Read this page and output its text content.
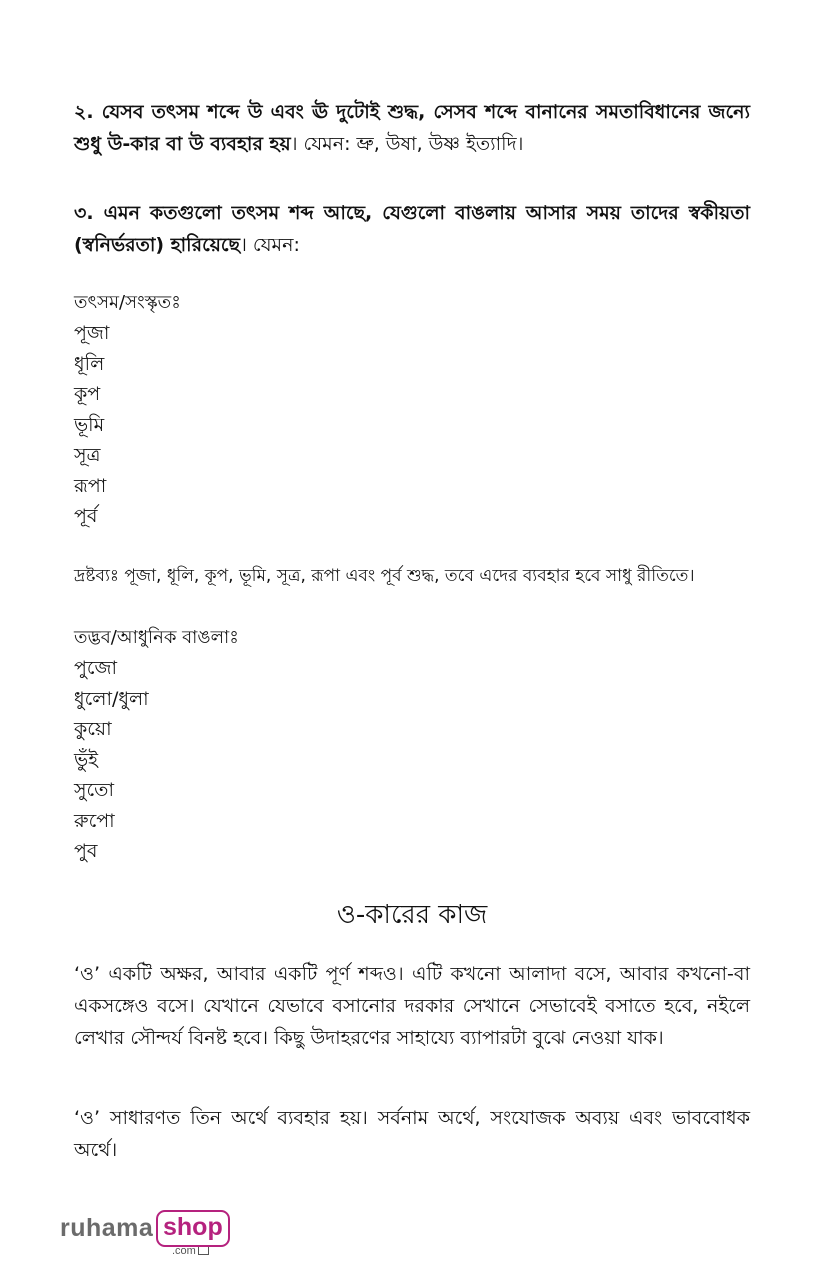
২. যেসব তৎসম শব্দে উ এবং ঊ দুটোই শুদ্ধ, সেসব শব্দে বানানের সমতাবিধানের জন্যে শুধু উ-কার বা উ ব্যবহার হয়। যেমন: ভ্রু, উষা, উষ্ণ ইত্যাদি।

৩. এমন কতগুলো তৎসম শব্দ আছে, যেগুলো বাঙলায় আসার সময় তাদের স্বকীয়তা (স্বনির্ভরতা) হারিয়েছে। যেমন:

তৎসম/সংস্কৃতঃ
পূজা
ধূলি
কূপ
ভূমি
সূত্র
রূপা
পূর্ব
দ্রষ্টব্যঃ পূজা, ধূলি, কূপ, ভূমি, সূত্র, রূপা এবং পূর্ব শুদ্ধ, তবে এদের ব্যবহার হবে সাধু রীতিতে।
তদ্ভব/আধুনিক বাঙলাঃ
পুজো
ধুলো/ধুলা
কুয়ো
ভুঁই
সুতো
রুপো
পুব
ও-কারের কাজ

‘ও’ একটি অক্ষর, আবার একটি পূর্ণ শব্দও। এটি কখনো আলাদা বসে, আবার কখনো-বা একসঙ্গেও বসে। যেখানে যেভাবে বসানোর দরকার সেখানে সেভাবেই বসাতে হবে, নইলে লেখার সৌন্দর্য বিনষ্ট হবে। কিছু উদাহরণের সাহায্যে ব্যাপারটা বুঝে নেওয়া যাক।

‘ও’ সাধারণত তিন অর্থে ব্যবহার হয়। সর্বনাম অর্থে, সংযোজক অব্যয় এবং ভাববোধক অর্থে।

ruhama shop
.com
